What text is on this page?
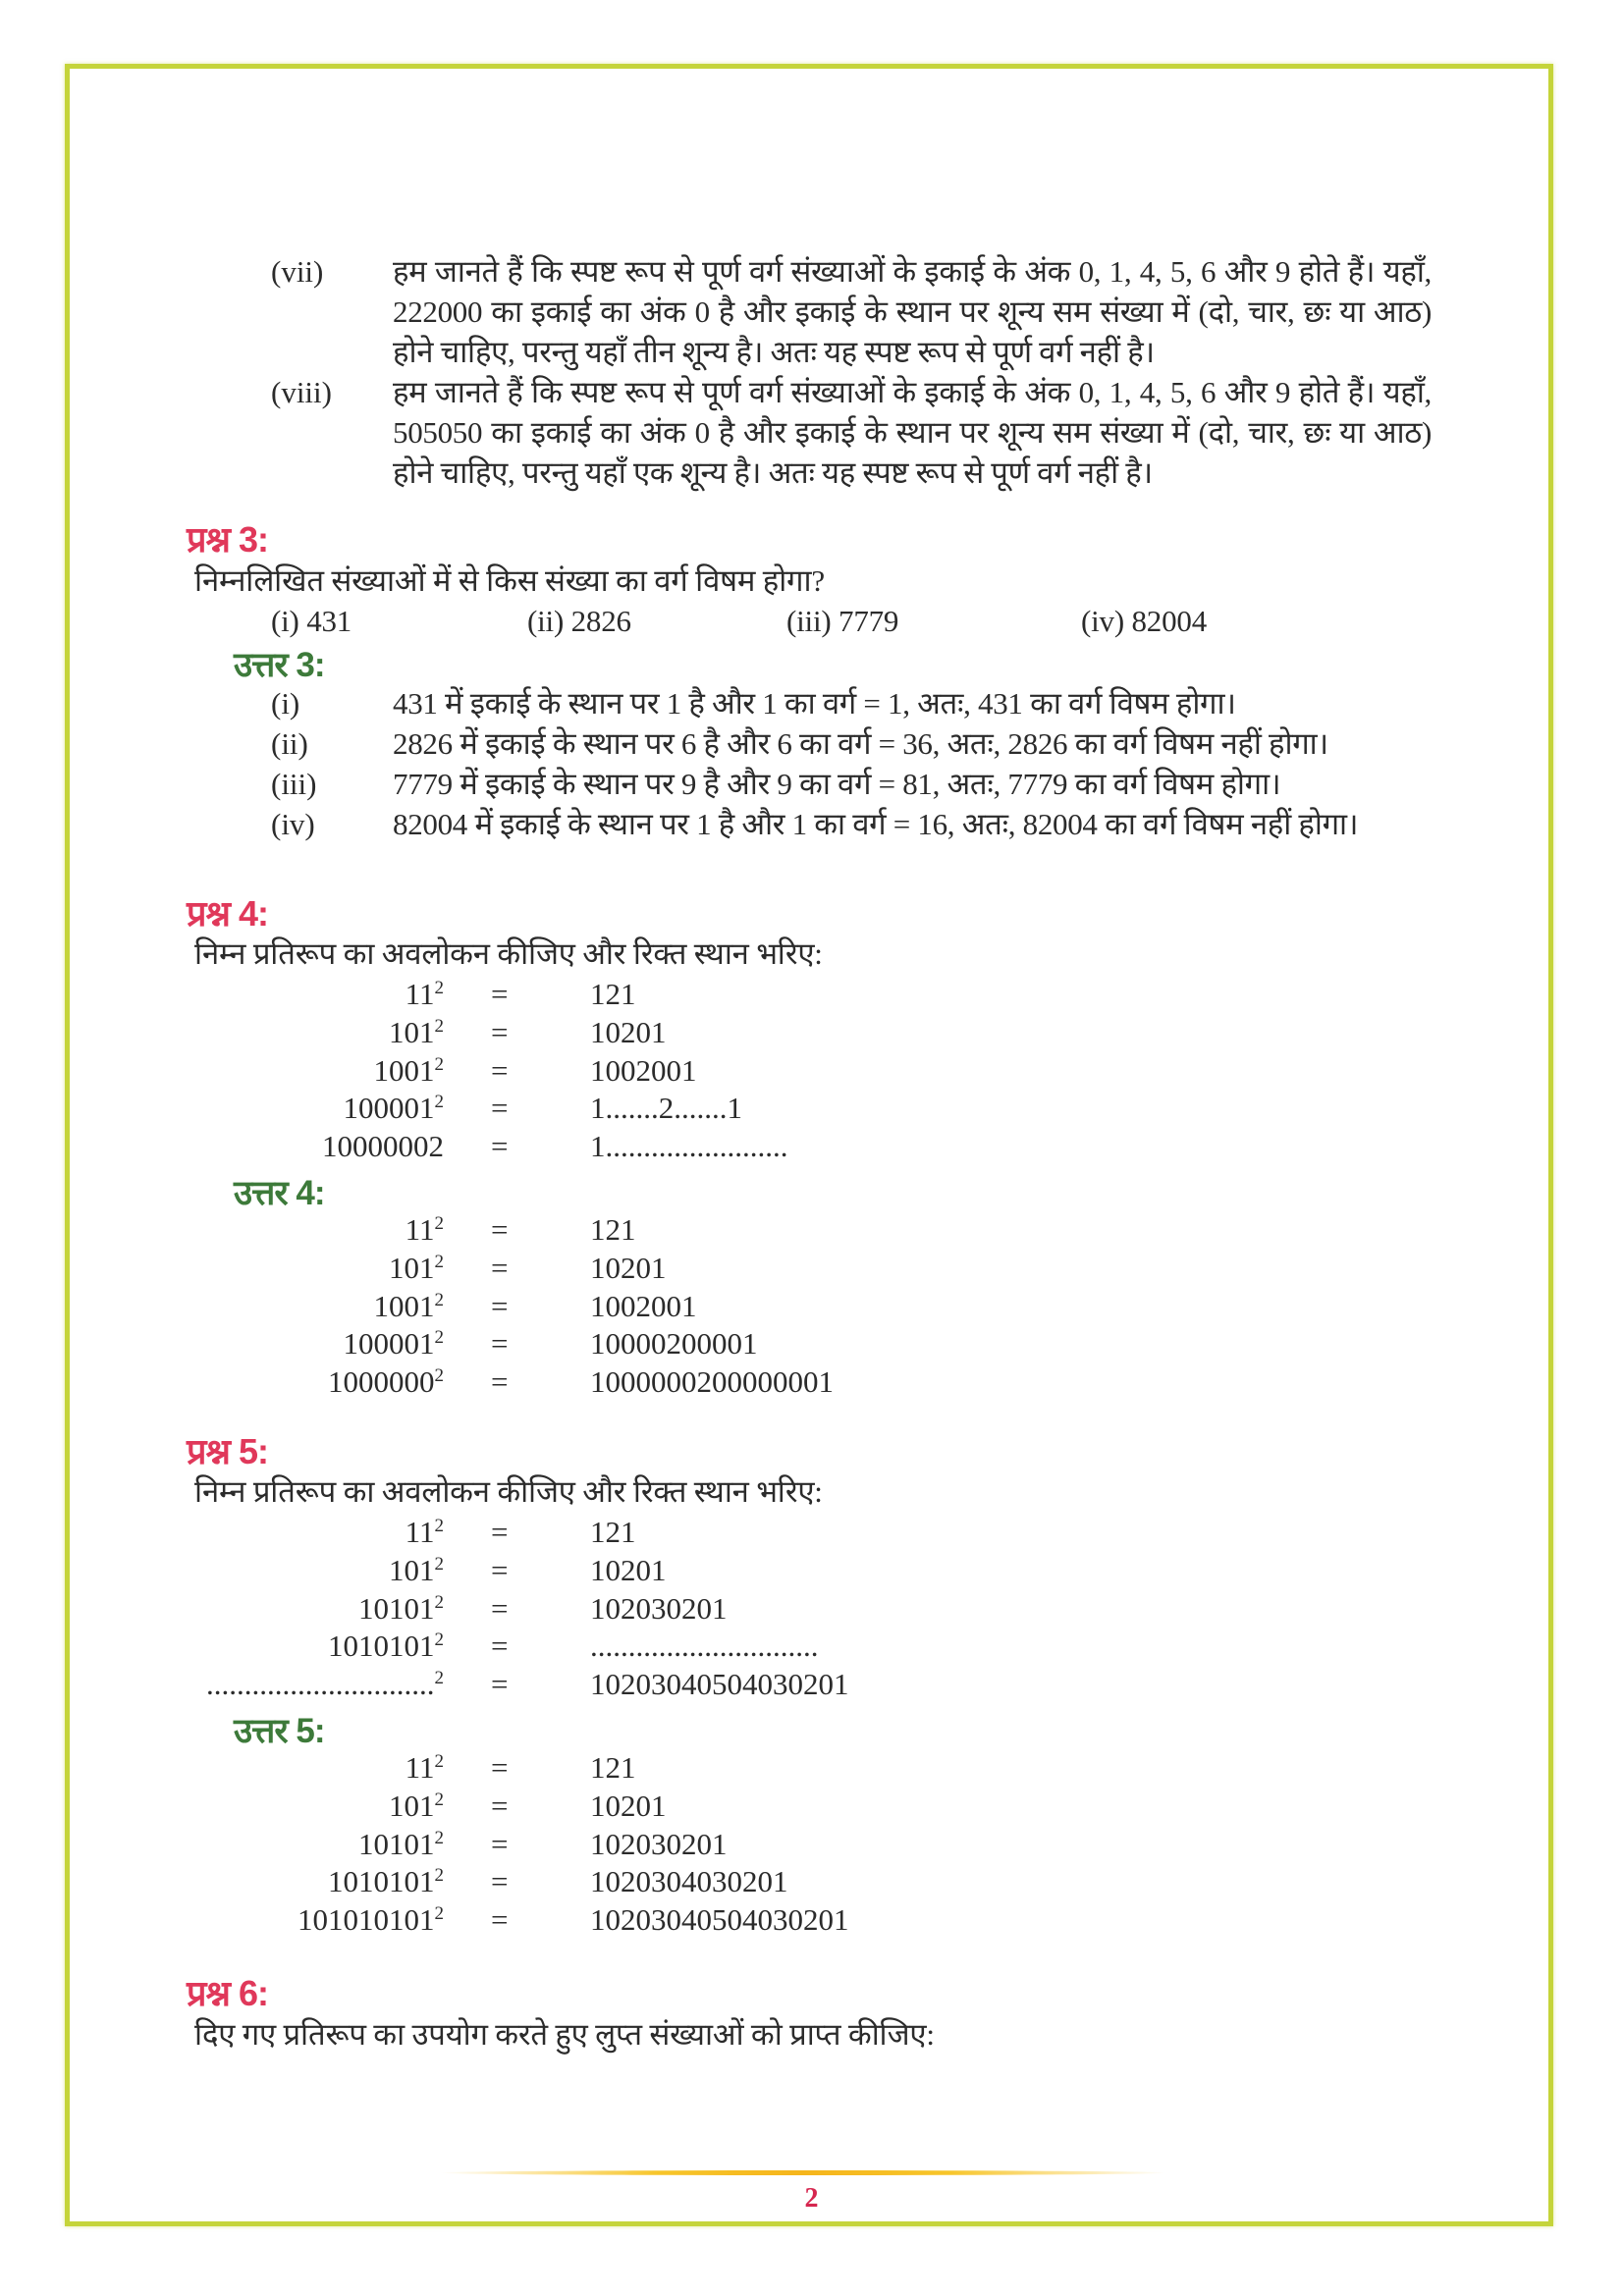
(vii) हम जानते हैं कि स्पष्ट रूप से पूर्ण वर्ग संख्याओं के इकाई के अंक 0, 1, 4, 5, 6 और 9 होते हैं। यहाँ, 222000 का इकाई का अंक 0 है और इकाई के स्थान पर शून्य सम संख्या में (दो, चार, छः या आठ) होने चाहिए, परन्तु यहाँ तीन शून्य है। अतः यह स्पष्ट रूप से पूर्ण वर्ग नहीं है।
(viii) हम जानते हैं कि स्पष्ट रूप से पूर्ण वर्ग संख्याओं के इकाई के अंक 0, 1, 4, 5, 6 और 9 होते हैं। यहाँ, 505050 का इकाई का अंक 0 है और इकाई के स्थान पर शून्य सम संख्या में (दो, चार, छः या आठ) होने चाहिए, परन्तु यहाँ एक शून्य है। अतः यह स्पष्ट रूप से पूर्ण वर्ग नहीं है।
प्रश्न 3:
निम्नलिखित संख्याओं में से किस संख्या का वर्ग विषम होगा?
(i) 431	(ii) 2826	(iii) 7779	(iv) 82004
उत्तर 3:
(i)	431 में इकाई के स्थान पर 1 है और 1 का वर्ग = 1, अतः, 431 का वर्ग विषम होगा।
(ii)	2826 में इकाई के स्थान पर 6 है और 6 का वर्ग = 36, अतः, 2826 का वर्ग विषम नहीं होगा।
(iii)	7779 में इकाई के स्थान पर 9 है और 9 का वर्ग = 81, अतः, 7779 का वर्ग विषम होगा।
(iv)	82004 में इकाई के स्थान पर 1 है और 1 का वर्ग = 16, अतः, 82004 का वर्ग विषम नहीं होगा।
प्रश्न 4:
निम्न प्रतिरूप का अवलोकन कीजिए और रिक्त स्थान भरिए:
$11^2$ =	121
$101^2$ =	10201
$1001^2$ =	1002001
$100001^2$ =	1.......2.......1
10000002 =	1........................
उत्तर 4:
$11^2$ =	121
$101^2$ =	10201
$1001^2$ =	1002001
$100001^2$ =	10000200001
$1000000^2$ =	1000000200000001
प्रश्न 5:
निम्न प्रतिरूप का अवलोकन कीजिए और रिक्त स्थान भरिए:
$11^2$ =	121
$101^2$ =	10201
$10101^2$ =	102030201
$1010101^2$ =	..............................
..............................$^2$ =	10203040504030201
उत्तर 5:
$11^2$ =	121
$101^2$ =	10201
$10101^2$ =	102030201
$1010101^2$ =	1020304030201
$101010101^2$ =	10203040504030201
प्रश्न 6:
दिए गए प्रतिरूप का उपयोग करते हुए लुप्त संख्याओं को प्राप्त कीजिए:
2
